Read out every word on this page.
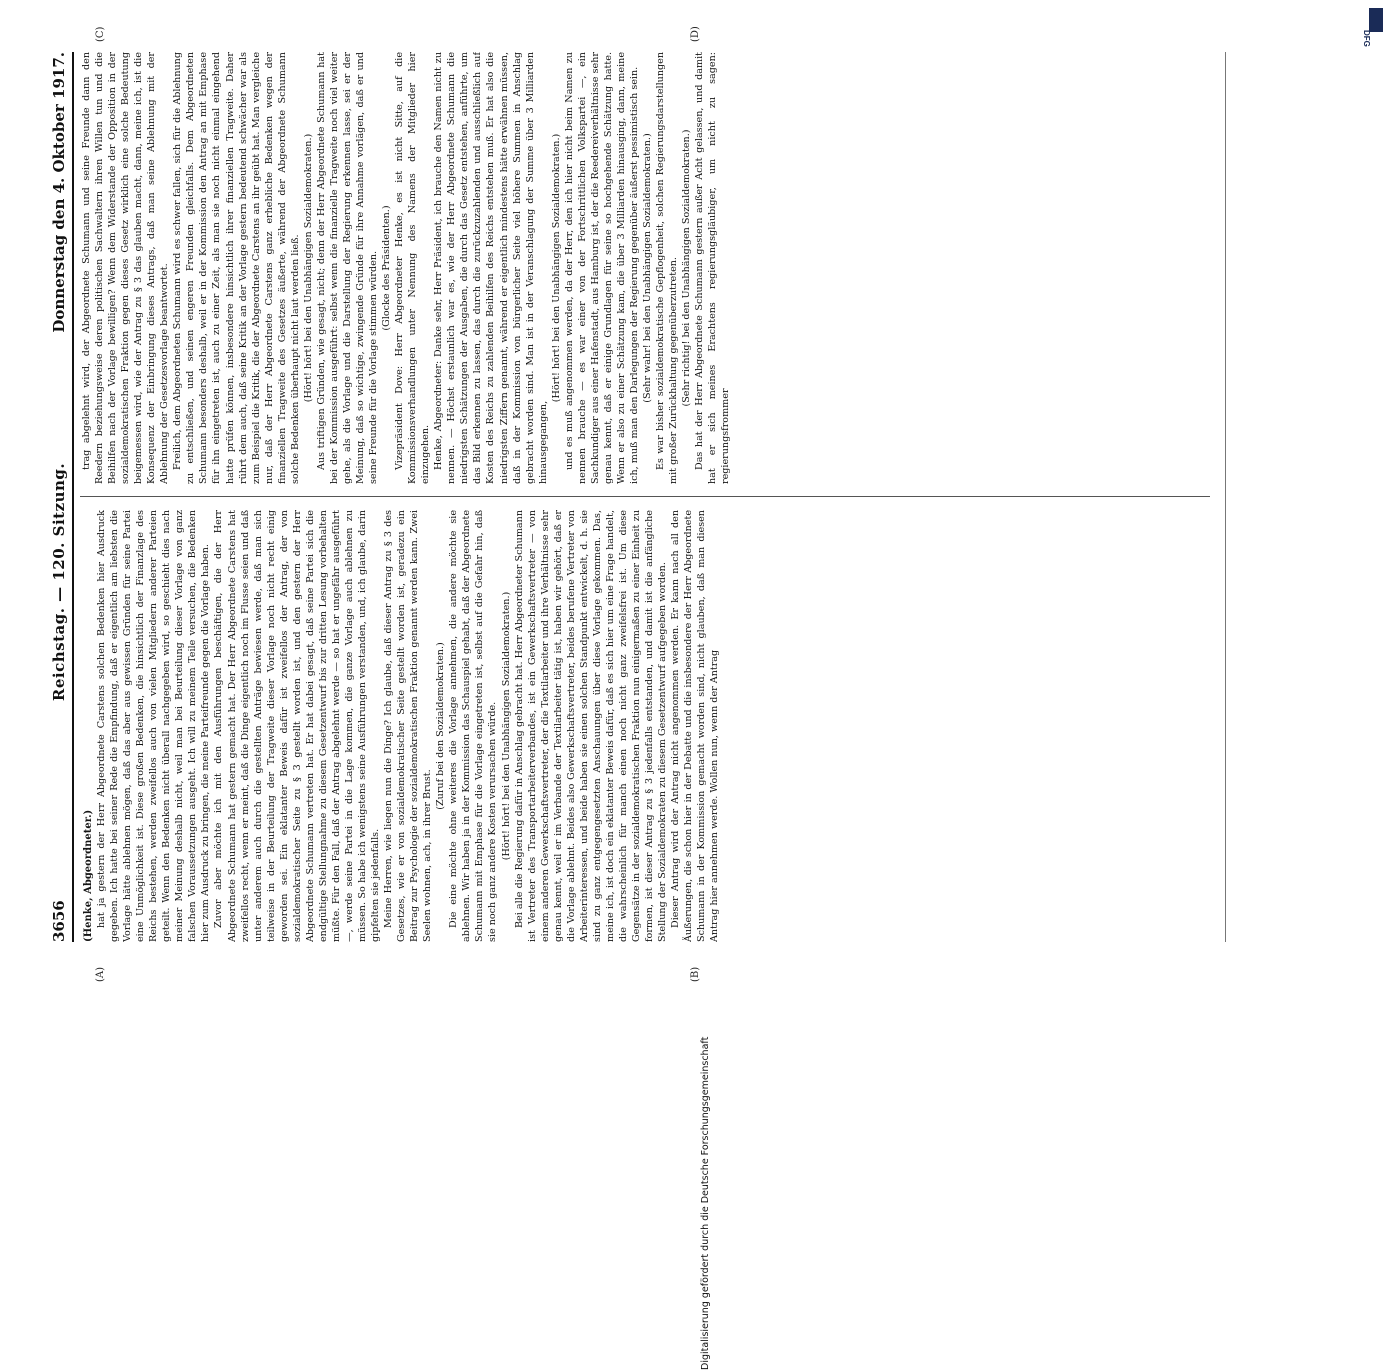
3656
Reichstag. — 120. Sitzung.
Donnerstag den 4. Oktober 1917.
(A)	(B)
(C)	(D)
(Henke, Abgeordneter.) hat ja gestern der Herr Abgeordnete Carstens solchen Bedenken hier Ausdruck gegeben. Ich hatte bei seiner Rede die Empfindung, daß er eigentlich am liebsten die Vorlage hätte ablehnen mögen, daß das aber aus gewissen Gründen für seine Partei eine Unmöglichkeit ist. Diese großen Bedenken, die hinsichtlich der Finanzlage des Reichs bestehen, werden zweifellos auch von vielen Mitgliedern anderer Parteien geteilt. Wenn den Bedenken nicht überall nachgegeben wird, so geschieht dies nach meiner Meinung deshalb nicht, weil man bei Beurteilung dieser Vorlage von ganz falschen Voraussetzungen ausgeht. Ich will zu meinem Teile versuchen, die Bedenken hier zum Ausdruck zu bringen, die meine Parteifreunde gegen die Vorlage haben. Zuvor aber möchte ich mit den Ausführungen beschäftigen, die der Herr Abgeordnete Schumann hat gestern gemacht hat. Der Herr Abgeordnete Carstens hat zweifellos recht, wenn er meint, daß die Dinge eigentlich noch im Flusse seien und daß unter anderem auch durch die gestellten Anträge bewiesen werde, daß man sich teilweise in der Beurteilung der Tragweite dieser Vorlage noch nicht recht einig geworden sei. Ein eklatanter Beweis dafür ist zweifellos der Antrag, der von sozialdemokratischer Seite zu § 3 gestellt worden ist, und den gestern der Herr Abgeordnete Schumann vertreten hat. Er hat dabei gesagt, daß seine Partei sich die endgültige Stellungnahme zu diesem Gesetzentwurf bis zur dritten Lesung vorbehalten müßte. Für den Fall, daß der Antrag abgelehnt werde — so hat er ungefähr ausgeführt —, werde seine Partei in die Lage kommen, die ganze Vorlage auch ablehnen zu müssen. So habe ich wenigstens seine Ausführungen verstanden, und, ich glaube, darin gipfelten sie jedenfalls. Meine Herren, wie liegen nun die Dinge? Ich glaube, daß dieser Antrag zu § 3 des Gesetzes, wie er von sozialdemokratischer Seite gestellt worden ist, geradezu ein Beitrag zur Psychologie der sozialdemokratischen Fraktion genannt werden kann. Zwei Seelen wohnen, ach, in ihrer Brust.

(Zuruf bei den Sozialdemokraten.) Die eine möchte ohne weiteres die Vorlage annehmen, die andere möchte sie ablehnen. Wir haben ja in der Kommission das Schauspiel gehabt, daß der Abgeordnete Schumann mit Emphase für die Vorlage eingetreten ist, selbst auf die Gefahr hin, daß sie noch ganz andere Kosten verursachen würde. (Hört! hört! bei den Unabhängigen Sozialdemokraten.) Bei alle die Regierung dafür in Anschlag gebracht hat. Herr Abgeordneter Schumann ist Vertreter des Transportarbeiterverbandes, ist ein Gewerkschaftsvertreter — von einem anderen Gewerkschaftsvertreter, der die Textilarbeiter und ihre Verhältnisse sehr genau kennt, weil er im Verbande der Textilarbeiter tätig ist, haben wir gehört, daß er die Vorlage ablehnt. Beides also Gewerkschaftsvertreter, beides berufene Vertreter von Arbeiterinteressen, und beide haben sie einen solchen Standpunkt entwickelt, d. h. sie sind zu ganz entgegengesetzten Anschauungen über diese Vorlage gekommen. Das, meine ich, ist doch ein eklatanter Beweis dafür, daß es sich hier um eine Frage handelt, die wahrscheinlich für manch einen noch nicht ganz zweifelsfrei ist. Um diese Gegensätze in der sozialdemokratischen Fraktion nun einigermaßen zu einer Einheit zu formen, ist dieser Antrag zu § 3 jedenfalls entstanden, und damit ist die anfängliche Stellung der Sozialdemokraten zu diesem Gesetzentwurf aufgegeben worden. Dieser Antrag wird der Antrag nicht angenommen werden. Er kann nach all den Äußerungen, die schon hier in der Debatte und die insbesondere der Herr Abgeordnete Schumann in der Kommission gemacht worden sind, nicht glauben, daß man diesen Antrag hier annehmen werde. Wollen nun, wenn der Antrag

trag abgelehnt wird, der Abgeordnete Schumann und seine Freunde dann den Reedern beziehungsweise deren politischen Sachwaltern ihren Willen tun und die Beihilfen nach der Vorlage bewilligen? Wenn dem Widerstande der Opposition in der sozialdemokratischen Fraktion gegen dieses Gesetz wirklich eine solche Bedeutung beigemessen wird, wie der Antrag zu § 3 das glauben macht, dann, meine ich, ist die Konsequenz der Einbringung dieses Antrags, daß man seine Ablehnung mit der Ablehnung der Gesetzesvorlage beantwortet. Freilich, dem Abgeordneten Schumann wird es schwer fallen, sich für die Ablehnung zu entschließen, und seinen engeren Freunden gleichfalls. Dem Abgeordneten Schumann besonders deshalb, weil er in der Kommission den Antrag an mit Emphase für ihn eingetreten ist, auch zu einer Zeit, als man sie noch nicht einmal eingehend hatte prüfen können, insbesondere hinsichtlich ihrer finanziellen Tragweite. Daher rührt dem auch, daß seine Kritik an der Vorlage gestern bedeutend schwächer war als zum Beispiel die Kritik, die der Abgeordnete Carstens an ihr geübt hat. Man vergleiche nur, daß der Herr Abgeordnete Carstens ganz erhebliche Bedenken wegen der finanziellen Tragweite des Gesetzes äußerte, während der Abgeordnete Schumann solche Bedenken überhaupt nicht laut werden ließ. (Hört! hört! bei den Unabhängigen Sozialdemokraten.) Aus triftigen Gründen, wie gesagt, nicht; denn der Herr Abgeordnete Schumann hat bei der Kommission ausgeführt: selbst wenn die finanzielle Tragweite noch viel weiter gehe, als die Vorlage und die Darstellung der Regierung erkennen lasse, sei er der Meinung, daß so wichtige, zwingende Gründe für ihre Annahme vorlägen, daß er und seine Freunde für die Vorlage stimmen würden. (Glocke des Präsidenten.) Vizepräsident Dove: Herr Abgeordneter Henke, es ist nicht Sitte, auf die Kommissionsverhandlungen unter Nennung des Namens der Mitglieder hier einzugehen. Henke, Abgeordneter: Danke sehr, Herr Präsident, ich brauche den Namen nicht zu nennen. — Höchst erstaunlich war es, wie der Herr Abgeordnete Schumann die niedrigsten Schätzungen der Ausgaben, die durch das Gesetz entstehen, anführte, um das Bild erkennen zu lassen, das durch die zurückzuzahlenden und ausschließlich auf Kosten des Reichs zu zahlenden Beihilfen des Reichs entstehen muß. Er hat also die niedrigsten Ziffern genannt, während er eigentlich mindestens hätte erwähnen müssen, daß in der Kommission von bürgerlicher Seite viel höhere Summen in Anschlag gebracht worden sind. Man ist in der Veranschlagung der Summe über 3 Milliarden hinausgegangen,

(Hört! hört! bei den Unabhängigen Sozialdemokraten.) und es muß angenommen werden, da der Herr, den ich hier nicht beim Namen zu nennen brauche — es war einer von der Fortschrittlichen Volkspartei —, ein Sachkundiger aus einer Hafenstadt, aus Hamburg ist, der die Reedereiverhältnisse sehr genau kennt, daß er einige Grundlagen für seine so hochgehende Schätzung hatte. Wenn er also zu einer Schätzung kam, die über 3 Milliarden hinausging, dann, meine ich, muß man den Darlegungen der Regierung gegenüber äußerst pessimistisch sein. (Sehr wahr! bei den Unabhängigen Sozialdemokraten.) Es war bisher sozialdemokratische Gepflogenheit, solchen Regierungsdarstellungen mit großer Zurückhaltung gegenüberzutreten. (Sehr richtig! bei den Unabhängigen Sozialdemokraten.) Das hat der Herr Abgeordnete Schumann gestern außer Acht gelassen, und damit hat er sich meines Erachtens regierungsgläubiger, um nicht zu sagen: regierungsfrommer

Digitalisierung gefördert durch die Deutsche Forschungsgemeinschaft
DFG
